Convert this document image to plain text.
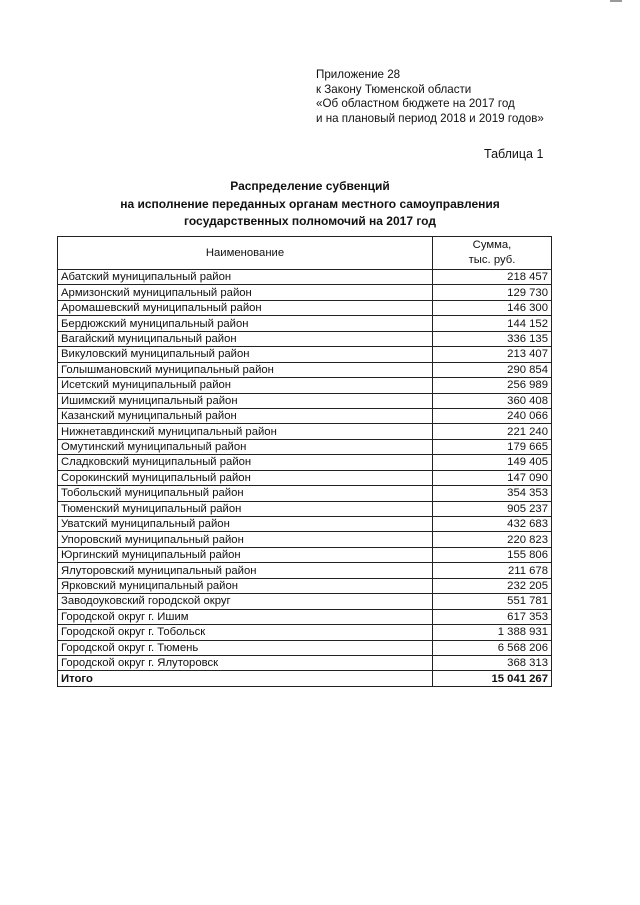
Приложение 28
к Закону Тюменской области
«Об областном бюджете на 2017 год
и на плановый период 2018 и 2019 годов»
Таблица 1
Распределение субвенций
на исполнение переданных органам местного самоуправления
государственных полномочий на 2017 год
Наименование	Сумма,
тыс. руб.

Абатский муниципальный район	218 457
Армизонский муниципальный район	129 730
Аромашевский муниципальный район	146 300
Бердюжский муниципальный район	144 152
Вагайский муниципальный район	336 135
Викуловский муниципальный район	213 407
Голышмановский муниципальный район	290 854
Исетский муниципальный район	256 989
Ишимский муниципальный район	360 408
Казанский муниципальный район	240 066
Нижнетавдинский муниципальный район	221 240
Омутинский муниципальный район	179 665
Сладковский муниципальный район	149 405
Сорокинский муниципальный район	147 090
Тобольский муниципальный район	354 353
Тюменский муниципальный район	905 237
Уватский муниципальный район	432 683
Упоровский муниципальный район	220 823
Юргинский муниципальный район	155 806
Ялуторовский муниципальный район	211 678
Ярковский муниципальный район	232 205
Заводоуковский городской округ	551 781
Городской округ г. Ишим	617 353
Городской округ г. Тобольск	1 388 931
Городской округ г. Тюмень	6 568 206
Городской округ г. Ялуторовск	368 313
Итого	15 041 267
